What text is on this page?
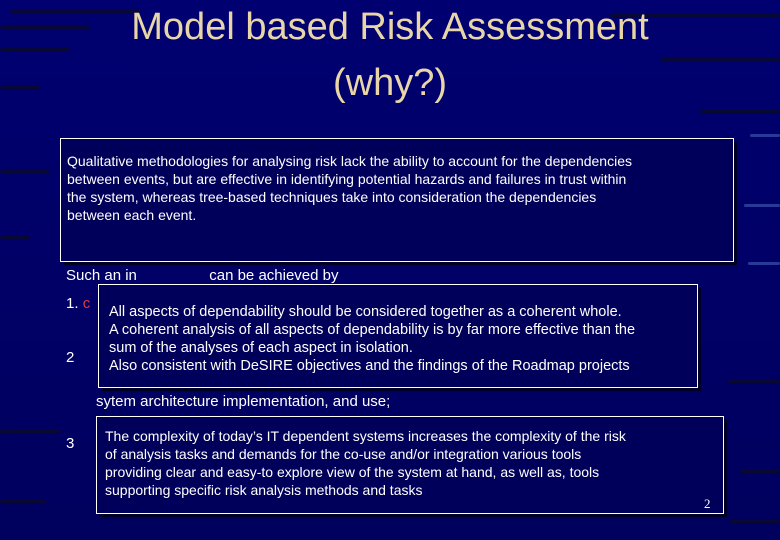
Model based Risk Assessment
(why?)
Such an in	can be achieved by
1. c
2
sytem architecture implementation, and use;
3
Qualitative methodologies for analysing risk lack the ability to account for the dependencies
between events, but are effective in identifying potential hazards and failures in trust within
the system, whereas tree-based techniques take into consideration the dependencies
between each event.
All aspects of dependability should be considered together as a coherent whole.
A coherent analysis of all aspects of dependability is by far more effective than the
sum of the analyses of each aspect in isolation.
Also consistent with DeSIRE objectives and the findings of the Roadmap projects
The complexity of today’s IT dependent systems increases the complexity of the risk
of analysis tasks and demands for the co-use and/or integration various tools
providing clear and easy-to explore view of the system at hand, as well as, tools
supporting specific risk analysis methods and tasks
2
